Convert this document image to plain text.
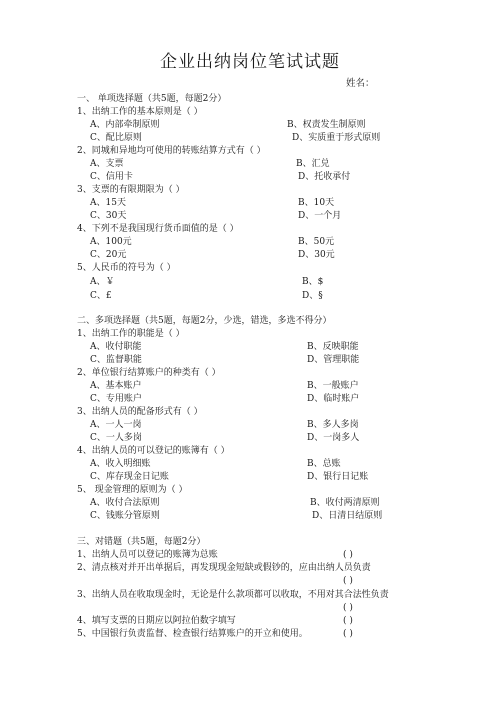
企业出纳岗位笔试试题
姓名：
一、 单项选择题（共5题，每题2分）
1、出纳工作的基本原则是（ ）
A、内部牵制原则	B、权责发生制原则
C、配比原则	D、实质重于形式原则
2、同城和异地均可使用的转账结算方式有（ ）
A、支票	B、汇兑
C、信用卡	D、托收承付
3、支票的有限期限为（ ）
A、15天	B、10天
C、30天	D、一个月
4、下列不是我国现行货币面值的是（ ）
A、100元	B、50元
C、20元	D、30元
5、人民币的符号为（ ）
A、￥	B、$
C、£	D、§
二、多项选择题（共5题，每题2分，少选，错选，多选不得分）
1、出纳工作的职能是（ ）
A、收付职能	B、反映职能
C、监督职能	D、管理职能
2、单位银行结算账户的种类有（ ）
A、基本账户	B、一般账户
C、专用账户	D、临时账户
3、出纳人员的配备形式有（ ）
A、一人一岗	B、多人多岗
C、一人多岗	D、一岗多人
4、出纳人员的可以登记的账簿有（ ）
A、收入明细账	B、总账
C、库存现金日记账	D、银行日记账
5、 现金管理的原则为（ ）
A、收付合法原则	B、收付两清原则
C、钱账分管原则	D、日清日结原则
三、对错题（共5题，每题2分）
1、出纳人员可以登记的账簿为总账	( )
2、清点核对并开出单据后，再发现现金短缺或假钞的，应由出纳人员负责
( )
3、出纳人员在收取现金时，无论是什么款项都可以收取，不用对其合法性负责
( )
4、填写支票的日期应以阿拉伯数字填写	( )
5、中国银行负责监督、检查银行结算账户的开立和使用。	( )
